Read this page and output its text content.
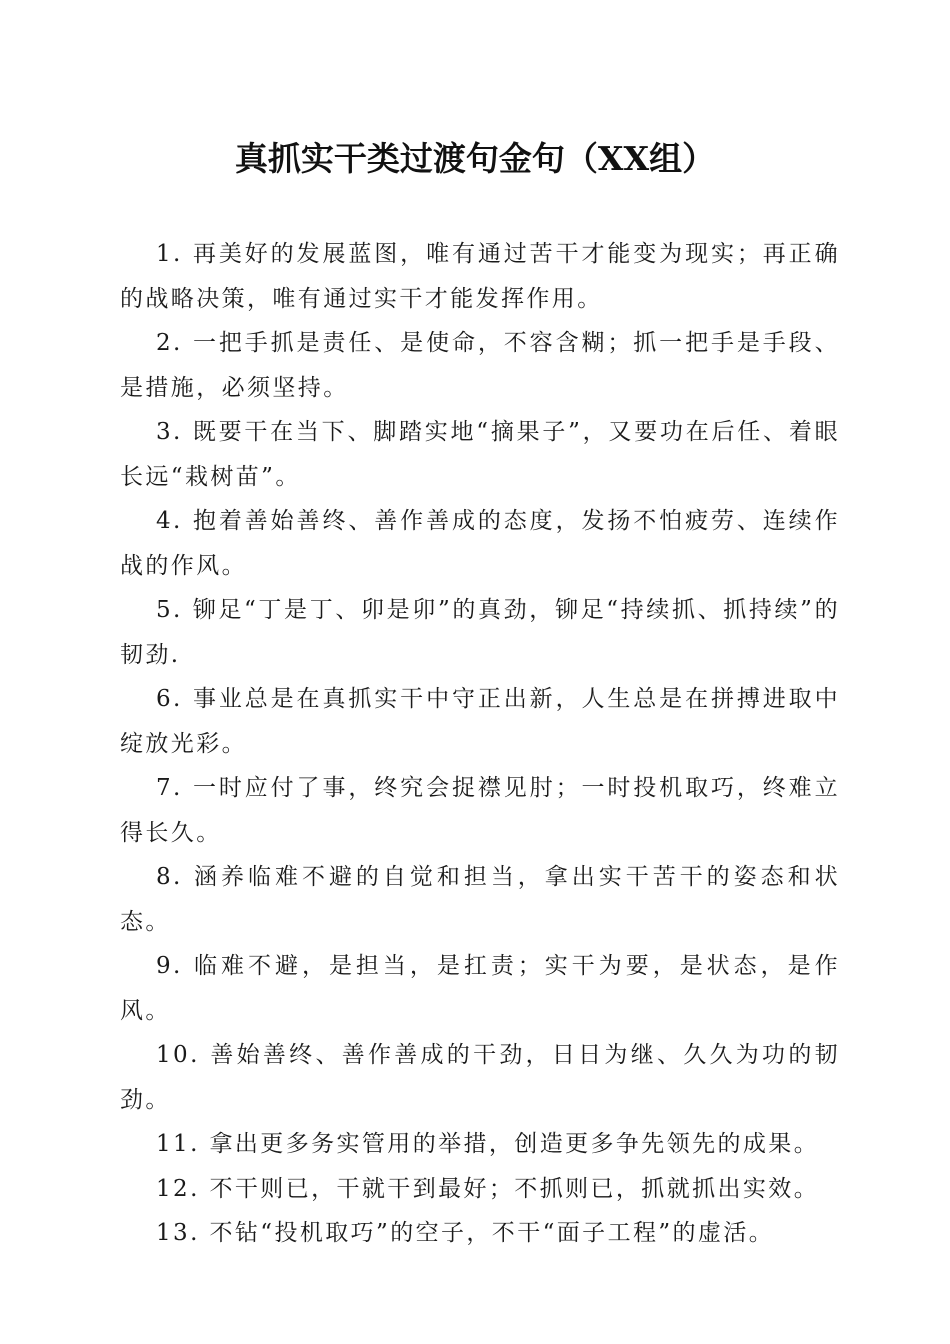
真抓实干类过渡句金句（XX组）

1. 再美好的发展蓝图，唯有通过苦干才能变为现实；再正确的战略决策，唯有通过实干才能发挥作用。

2. 一把手抓是责任、是使命，不容含糊；抓一把手是手段、是措施，必须坚持。

3. 既要干在当下、脚踏实地“摘果子”，又要功在后任、着眼长远“栽树苗”。

4. 抱着善始善终、善作善成的态度，发扬不怕疲劳、连续作战的作风。

5. 铆足“丁是丁、卯是卯”的真劲，铆足“持续抓、抓持续”的韧劲.

6. 事业总是在真抓实干中守正出新，人生总是在拼搏进取中绽放光彩。

7. 一时应付了事，终究会捉襟见肘；一时投机取巧，终难立得长久。

8. 涵养临难不避的自觉和担当，拿出实干苦干的姿态和状态。

9. 临难不避，是担当，是扛责；实干为要，是状态，是作风。

10. 善始善终、善作善成的干劲，日日为继、久久为功的韧劲。

11. 拿出更多务实管用的举措，创造更多争先领先的成果。

12. 不干则已，干就干到最好；不抓则已，抓就抓出实效。

13. 不钻“投机取巧”的空子，不干“面子工程”的虚活。
